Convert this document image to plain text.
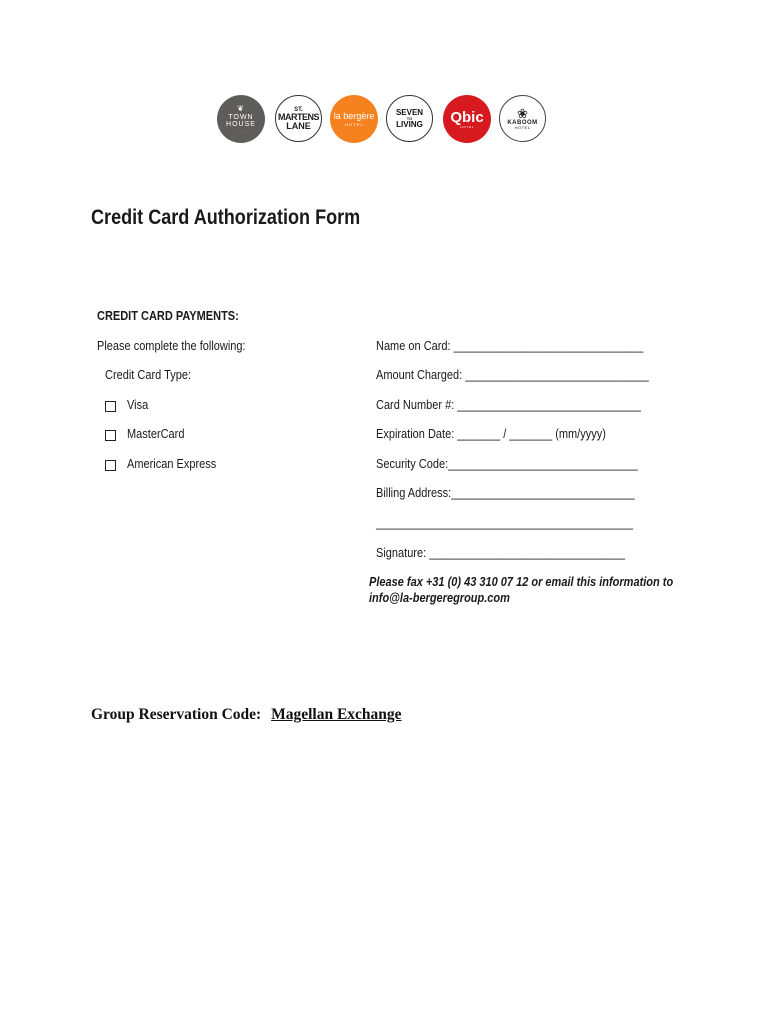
❦
TOWN
HOUSE
· · · · · · · · · ·
ST.
MARTENS
LANE
la bergère
H O T E L
SEVEN
TO
LIVING Qbic
H O T E L
❀
KABOOM
HOTEL
Credit Card Authorization Form
CREDIT CARD PAYMENTS:
Please complete the following:
Credit Card Type:
Visa
MasterCard
American Express
Name on Card: _______________________________
Amount Charged: ______________________________
Card Number #: ______________________________
Expiration Date: _______ / _______ (mm/yyyy)
Security Code:_______________________________
Billing Address:______________________________
__________________________________________
Signature: ________________________________
Please fax +31 (0) 43 310 07 12 or email this information to
info@la-bergeregroup.com
Group Reservation Code: Magellan Exchange
